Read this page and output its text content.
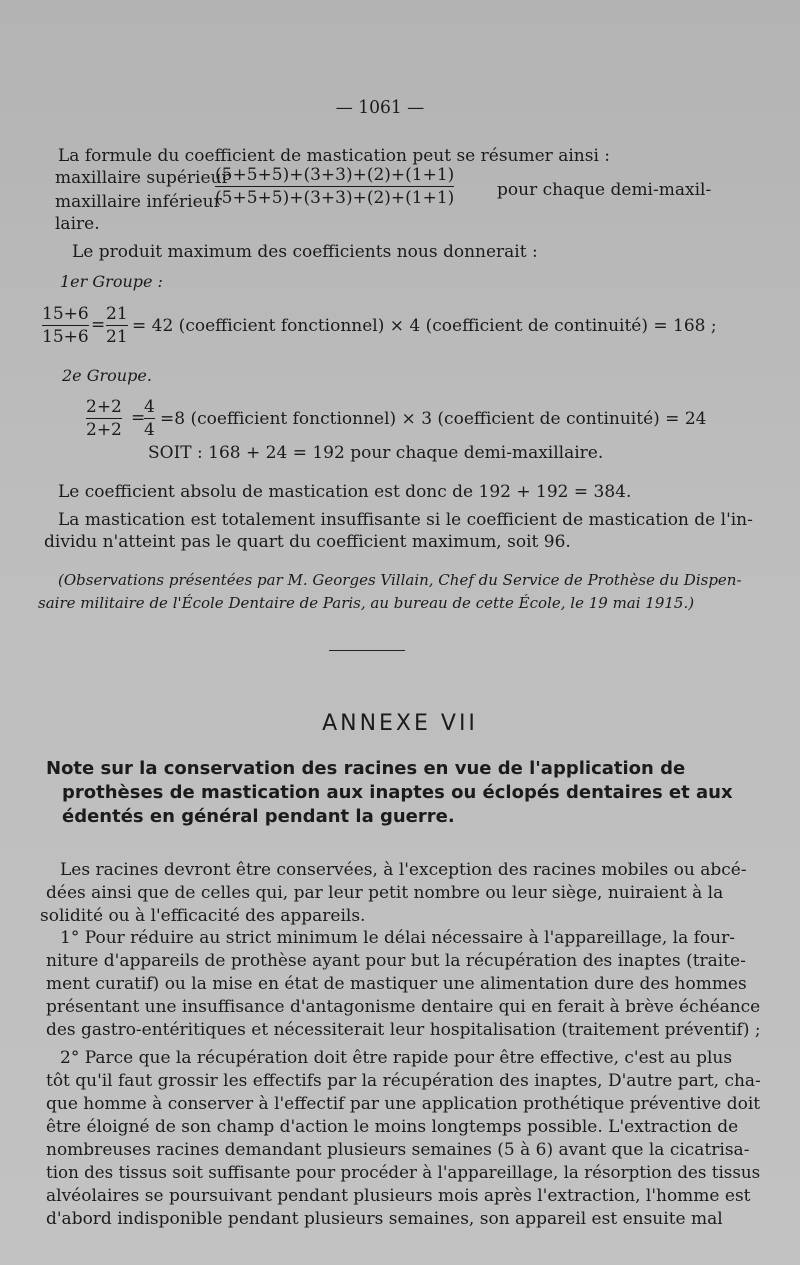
— 1061 —
La formule du coefficient de mastication peut se résumer ainsi :
maxillaire supérieur
maxillaire inférieur
(5+5+5)+(3+3)+(2)+(1+1)
(5+5+5)+(3+3)+(2)+(1+1)	pour chaque demi-maxil-
laire.
Le produit maximum des coefficients nous donnerait :
1er Groupe :
15+6
15+6
=
21
21
= 42 (coefficient fonctionnel) × 4 (coefficient de continuité) = 168 ;
2e Groupe.
2+2
2+2
=
4
4
=8 (coefficient fonctionnel) × 3 (coefficient de continuité) = 24
SOIT : 168 + 24 = 192 pour chaque demi-maxillaire.
Le coefficient absolu de mastication est donc de 192 + 192 = 384.
La mastication est totalement insuffisante si le coefficient de mastication de l'in-
dividu n'atteint pas le quart du coefficient maximum, soit 96.
(Observations présentées par M. Georges Villain, Chef du Service de Prothèse du Dispen-
saire militaire de l'École Dentaire de Paris, au bureau de cette École, le 19 mai 1915.)
ANNEXE VII
Note sur la conservation des racines en vue de l'application de
prothèses de mastication aux inaptes ou éclopés dentaires et aux
édentés en général pendant la guerre.
Les racines devront être conservées, à l'exception des racines mobiles ou abcé-
dées ainsi que de celles qui, par leur petit nombre ou leur siège, nuiraient à la
solidité ou à l'efficacité des appareils.
1° Pour réduire au strict minimum le délai nécessaire à l'appareillage, la four-
niture d'appareils de prothèse ayant pour but la récupération des inaptes (traite-
ment curatif) ou la mise en état de mastiquer une alimentation dure des hommes
présentant une insuffisance d'antagonisme dentaire qui en ferait à brève échéance
des gastro-entéritiques et nécessiterait leur hospitalisation (traitement préventif) ;
2° Parce que la récupération doit être rapide pour être effective, c'est au plus
tôt qu'il faut grossir les effectifs par la récupération des inaptes, D'autre part, cha-
que homme à conserver à l'effectif par une application prothétique préventive doit
être éloigné de son champ d'action le moins longtemps possible. L'extraction de
nombreuses racines demandant plusieurs semaines (5 à 6) avant que la cicatrisa-
tion des tissus soit suffisante pour procéder à l'appareillage, la résorption des tissus
alvéolaires se poursuivant pendant plusieurs mois après l'extraction, l'homme est
d'abord indisponible pendant plusieurs semaines, son appareil est ensuite mal
